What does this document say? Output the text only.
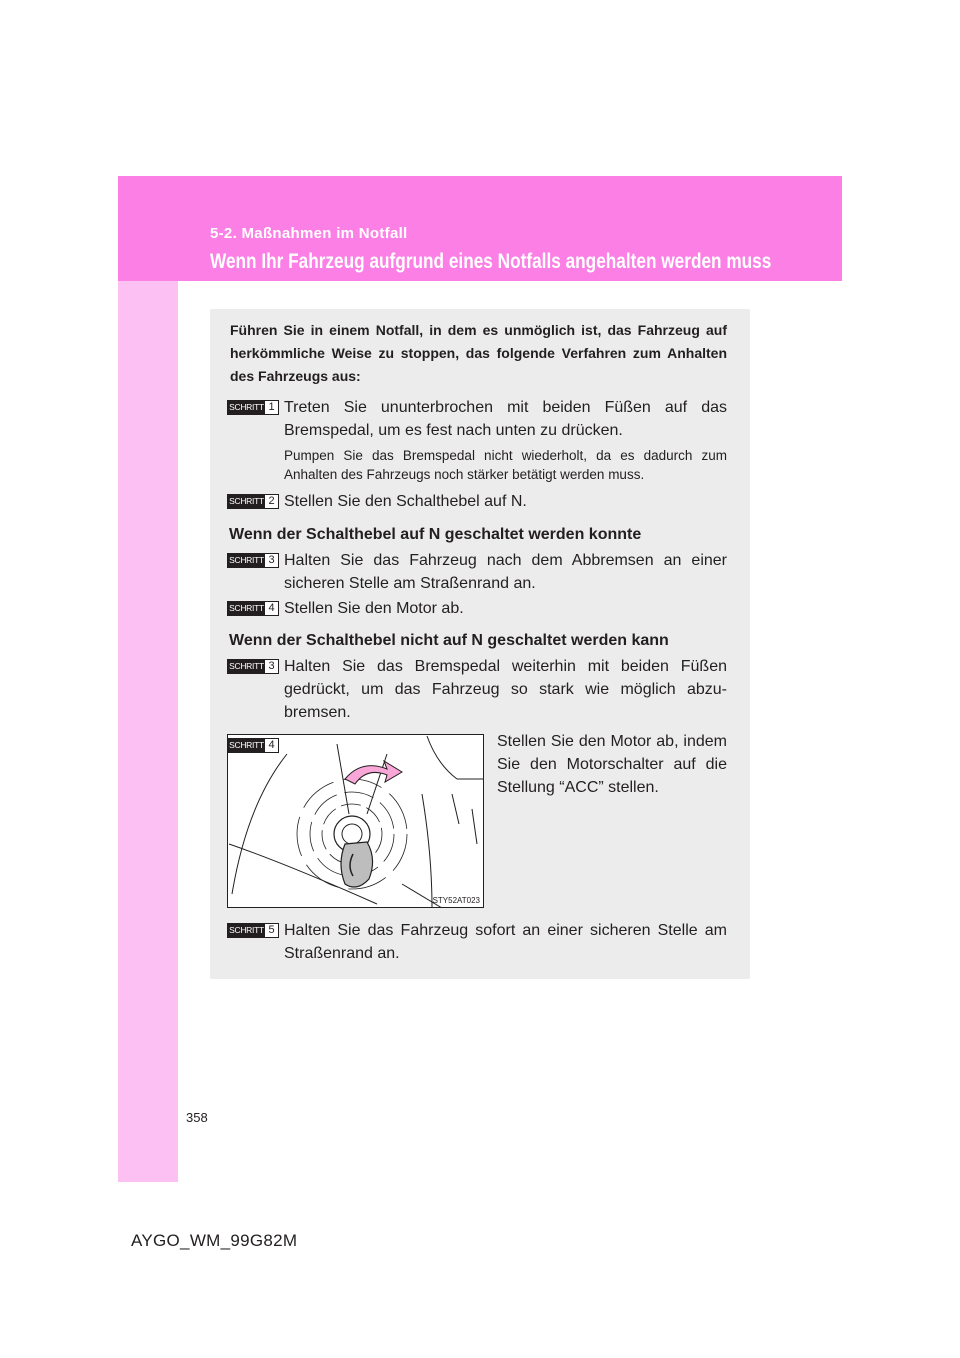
5-2. Maßnahmen im Notfall
Wenn Ihr Fahrzeug aufgrund eines Notfalls angehalten werden muss
Führen Sie in einem Notfall, in dem es unmöglich ist, das Fahrzeug auf herkömmliche Weise zu stoppen, das folgende Verfahren zum Anhalten des Fahrzeugs aus:
SCHRITT 1 Treten Sie ununterbrochen mit beiden Füßen auf das Bremspedal, um es fest nach unten zu drücken.
Pumpen Sie das Bremspedal nicht wiederholt, da es dadurch zum Anhalten des Fahrzeugs noch stärker betätigt werden muss.
SCHRITT 2 Stellen Sie den Schalthebel auf N.
Wenn der Schalthebel auf N geschaltet werden konnte
SCHRITT 3 Halten Sie das Fahrzeug nach dem Abbremsen an einer sicheren Stelle am Straßenrand an.
SCHRITT 4 Stellen Sie den Motor ab.
Wenn der Schalthebel nicht auf N geschaltet werden kann
SCHRITT 3 Halten Sie das Bremspedal weiterhin mit beiden Füßen gedrückt, um das Fahrzeug so stark wie möglich abzu-bremsen.
STY52AT023
SCHRITT 4	Stellen Sie den Motor ab, indem Sie den Motorschalter auf die Stellung “ACC” stellen.
SCHRITT 5 Halten Sie das Fahrzeug sofort an einer sicheren Stelle am Straßenrand an.
358
AYGO_WM_99G82M
